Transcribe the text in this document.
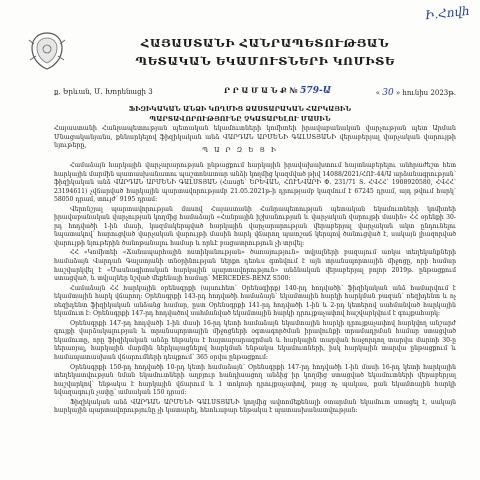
Ի.Հովհ
ՀԱՅԱՍՏԱՆԻ ՀԱՆՐԱՊԵՏՈՒԹՅԱՆ
ՊԵՏԱԿԱՆ ԵԿԱՄՈՒՏՆԵՐԻ ԿՈՄԻՏԵ
ք. Երևան, Մ. Խորենացի 3	Ր Ր Ա Մ Ա Ն Ք № 579-Ա	« 30 » հունիս 2023թ.
ՖԻԶԻԿԱԿԱՆ ԱՆՁԻ ԿՈՂՄԻՑ ՁԱՍՏԱՐԱԿԱՆ ՀԱՐԿԱՅԻՆ
ՊԱՐՏԱՎՈՐՈՒԹՅՈՒՆԸ ՉԿԱՏԱՐԵԼՈՒ ՄԱՍԻՆ
Հայաստանի Հանրապետության պետական եկամուտների կոմիտեի իրավաբանական վարչության պետ Արման Մնացականյանս, քննարկելով ֆիզիկական անձ ՎԱՐԴԱՆ ԱՐՄԵՆԻ ԳԱԼՍՏՅԱՆԻ վերաբերյալ վարչական վարույթի նյութերը,
Պ Ա Ր Զ Ե Ց Ի

Համաձայն հարկային վարչարարության ընթացքում հարկային իրավախախտում հայտնաբերելու անհրաժեշտ հետ հարկային մարմին պատասխանատու պաշտոնատար անձի կողմից կազմված թիվ 14088/2021/ՀՈՒ-44/Ա արձանագրության՝ ֆիզիկական անձ ՎԱՐԴԱՆ ԱՐՄԵՆԻ ԳԱԼՍՏՅԱՆ (Հասցե՝ ԵՐԵՎԱՆ, ՀՈՒՆՎԱՐԻ Փ. 231/71 Տ. ՀՎՀՀ՝ 1908920580, ՀՎՀՀ՝ 23194611) չվճարված հարկային պարտավորությամբ 21.05.2021թ-ի դրությամբ կազմում է 67245 դրամ, այդ թվում հարկ՝ 58050 դրամ, տույժ՝ 9195 դրամ:

Վերոնշյալ պարտավորության մասով Հայաստանի Հանրապետության պետական եկամուտների կոմիտեի իրավաբանական վարչության կողմից համաձայն «Հանրային իշխանության և վարչական վարույթի մասին» ՀՀ օրենքի 30-րդ հոդվածի 1-ին մասի, կազմակերպված հարկային վարչարարության վերաբերյալ վարչական ակտ ընդունելու նպատակով՝ հարուցված վարչական վարույթի մասին հարկ վճարող պատշաճ կերպով ծանուցված է, սակայն լիազորված վարույթի նյութերին ծանոթանալու համար և որևէ բացատրություն չի տրվել:

ՀՀ «Կոմիտեի «Ճանապարհային ոստիկանության» ծառայություն» տվյալների բազայում առկա տեղեկանքների համաձայն Վարդան Գալստյանի տնօրինության ներքո դեռևս գտնվում է այն տրանսպորտային միջոցը, որի համար հաշվարկվել է «Մասնագիտական հարկային պարտավորություն» անձնական վերաբերյալ բոլոր 2019թ. ընթացքում ստացված, և տվյալներ նշված մեքենայի համար՝ MERCEDES-BENZ S500:

Համաձայն ՀՀ հարկային օրենսգրքի (այսուհետ՝ Օրենսգիրք) 140-րդ հոդվածի՝ ֆիզիկական անձ համարվում է եկամտային հարկ վճարող: Օրենսգրքի 143-րդ հոդվածի համաձայն՝ եկամտային հարկի հարկման բազան՝ ռեզիդենտ և ոչ ռեզիդենտ ֆիզիկական անձանց համար, ըստ Օրենսգրքի 141-րդ հոդվածի 1-ին և 2-րդ կետերով սահմանված հարկային եկամուտ է: Օրենսգրքի 147-րդ հոդվածով սահմանված եկամտային հարկի դրույքաչափով հաշվարկվում է գույքահարկ:

Օրենսգրքի 147-րդ հոդվածի 1-ին մասի 16-րդ կետի համաձայն եկամտային հարկի դրույքաչափով հարկվող անշարժ գույքի վարձակալության և տրանսպորտային միջոցների օգտագործման իրավունքի տրամադրման համար ստացված եկամուտը, որը ֆիզիկական անձը ենթակա է հայտարարագրման և հարկային տարվան հաջորդող տարվա մարտի 30-ը ներառյալ, հարկային մարմին ներկայացնելով հարկման ենթակա եկամուտների, իսկ հարկային տարվա ընթացքում և համապատասխան վճարումների դեպքում՝ 365 օրվա ընթացքում:

Օրենսգրքի 150-րդ հոդվածի 10-րդ կետի համաձայն՝ Օրենսգրքի 147-րդ հոդվածի 1-ին մասի 16-րդ կետի հարկային տեղեկատվության նման եկամուտների աղբյուր հանդիսացող անձից իր կողմից ստացված եկամուտների վերաբերյալ հաշվարկով՝ ենթակա է հարկային վճարում և 1 տոկոսի դրույքաչափով, բայց ոչ պակաս, քան եկամտային հարկի նվազագույն չափը՝ ամսական 150 դրամ:

Ֆիզիկական անձ ՎԱՐԴԱՆ ԱՐՄԵՆԻ ԳԱԼՍՏՅԱՆԻ կողմից ավտոմեքենայի օտարման եկամուտ ստացել է, սակայն հարկային պարտավորությունը չի կատարել, հետևաբար ենթակա է պատասխանատվության:
